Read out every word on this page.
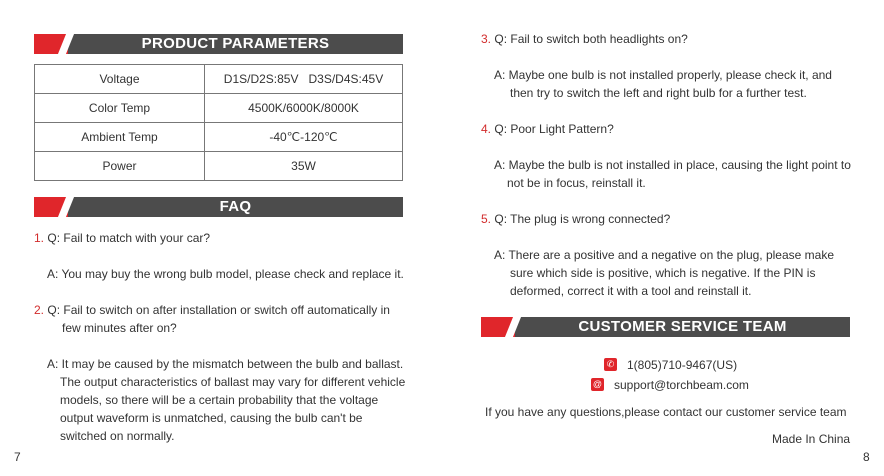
PRODUCT PARAMETERS
Voltage	D1S/D2S:85V   D3S/D4S:45V
Color Temp	4500K/6000K/8000K
Ambient Temp	-40℃-120℃
Power	35W
FAQ
1. Q: Fail to match with your car?
A: You may buy the wrong bulb model, please check and replace it.
2. Q: Fail to switch on after installation or switch off automatically in
few minutes after on?
A: It may be caused by the mismatch between the bulb and ballast.
The output characteristics of ballast may vary for different vehicle
models, so there will be a certain probability that the voltage
output waveform is unmatched, causing the bulb can't be
switched on normally.
3. Q: Fail to switch both headlights on?
A: Maybe one bulb is not installed properly, please check it, and
then try to switch the left and right bulb for a further test.
4. Q: Poor Light Pattern?
A: Maybe the bulb is not installed in place, causing the light point to
not be in focus, reinstall it.
5. Q: The plug is wrong connected?
A: There are a positive and a negative on the plug, please make
sure which side is positive, which is negative. If the PIN is
deformed, correct it with a tool and reinstall it.
CUSTOMER SERVICE TEAM
✆ 1(805)710-9467(US)
@ support@torchbeam.com
If you have any questions,please contact our customer service team
Made In China
7	8
